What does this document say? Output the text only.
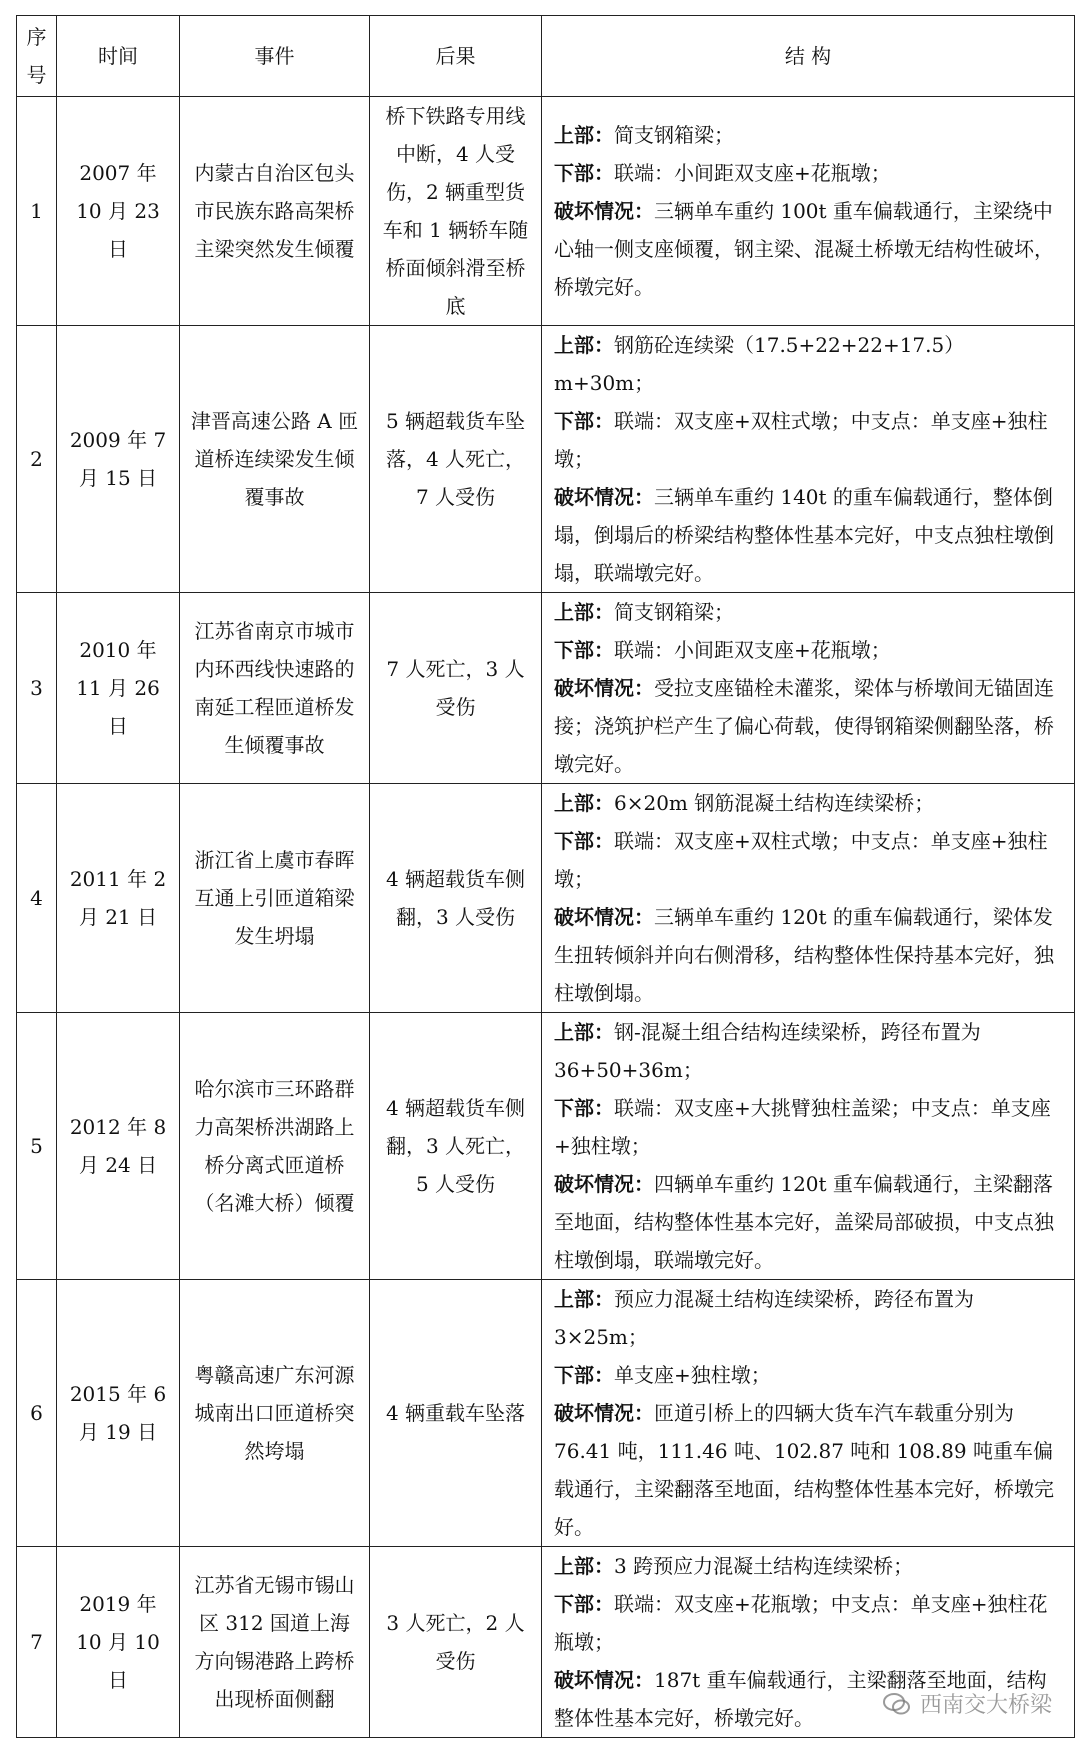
序号	时间	事件	后果	结 构
1	2007 年 10 月 23 日	内蒙古自治区包头市民族东路高架桥主梁突然发生倾覆	桥下铁路专用线中断，4 人受伤，2 辆重型货车和 1 辆轿车随桥面倾斜滑至桥底	上部：简支钢箱梁；
下部：联端：小间距双支座+花瓶墩；
破坏情况：三辆单车重约 100t 重车偏载通行，主梁绕中心轴一侧支座倾覆，钢主梁、混凝土桥墩无结构性破坏，桥墩完好。

2	2009 年 7 月 15 日	津晋高速公路 A 匝道桥连续梁发生倾覆事故	5 辆超载货车坠落，4 人死亡，7 人受伤	上部：钢筋砼连续梁（17.5+22+22+17.5）m+30m；
下部：联端：双支座+双柱式墩；中支点：单支座+独柱墩；
破坏情况：三辆单车重约 140t 的重车偏载通行，整体倒塌，倒塌后的桥梁结构整体性基本完好，中支点独柱墩倒塌，联端墩完好。

3	2010 年 11 月 26 日	江苏省南京市城市内环西线快速路的南延工程匝道桥发生倾覆事故	7 人死亡，3 人受伤	上部：简支钢箱梁；
下部：联端：小间距双支座+花瓶墩；
破坏情况：受拉支座锚栓未灌浆，梁体与桥墩间无锚固连接；浇筑护栏产生了偏心荷载，使得钢箱梁侧翻坠落，桥墩完好。

4	2011 年 2 月 21 日	浙江省上虞市春晖互通上引匝道箱梁发生坍塌	4 辆超载货车侧翻，3 人受伤	上部：6×20m 钢筋混凝土结构连续梁桥；
下部：联端：双支座+双柱式墩；中支点：单支座+独柱墩；
破坏情况：三辆单车重约 120t 的重车偏载通行，梁体发生扭转倾斜并向右侧滑移，结构整体性保持基本完好，独柱墩倒塌。

5	2012 年 8 月 24 日	哈尔滨市三环路群力高架桥洪湖路上桥分离式匝道桥（名滩大桥）倾覆	4 辆超载货车侧翻，3 人死亡，5 人受伤	上部：钢-混凝土组合结构连续梁桥，跨径布置为 36+50+36m；
下部：联端：双支座+大挑臂独柱盖梁；中支点：单支座+独柱墩；
破坏情况：四辆单车重约 120t 重车偏载通行，主梁翻落至地面，结构整体性基本完好，盖梁局部破损，中支点独柱墩倒塌，联端墩完好。

6	2015 年 6 月 19 日	粤赣高速广东河源城南出口匝道桥突然垮塌	4 辆重载车坠落	上部：预应力混凝土结构连续梁桥，跨径布置为 3×25m；
下部：单支座+独柱墩；
破坏情况：匝道引桥上的四辆大货车汽车载重分别为 76.41 吨，111.46 吨、102.87 吨和 108.89 吨重车偏载通行，主梁翻落至地面，结构整体性基本完好，桥墩完好。

7	2019 年 10 月 10 日	江苏省无锡市锡山区 312 国道上海方向锡港路上跨桥出现桥面侧翻	3 人死亡，2 人受伤	上部：3 跨预应力混凝土结构连续梁桥；
下部：联端：双支座+花瓶墩；中支点：单支座+独柱花瓶墩；
破坏情况：187t 重车偏载通行，主梁翻落至地面，结构整体性基本完好，桥墩完好。	西南交大桥梁
